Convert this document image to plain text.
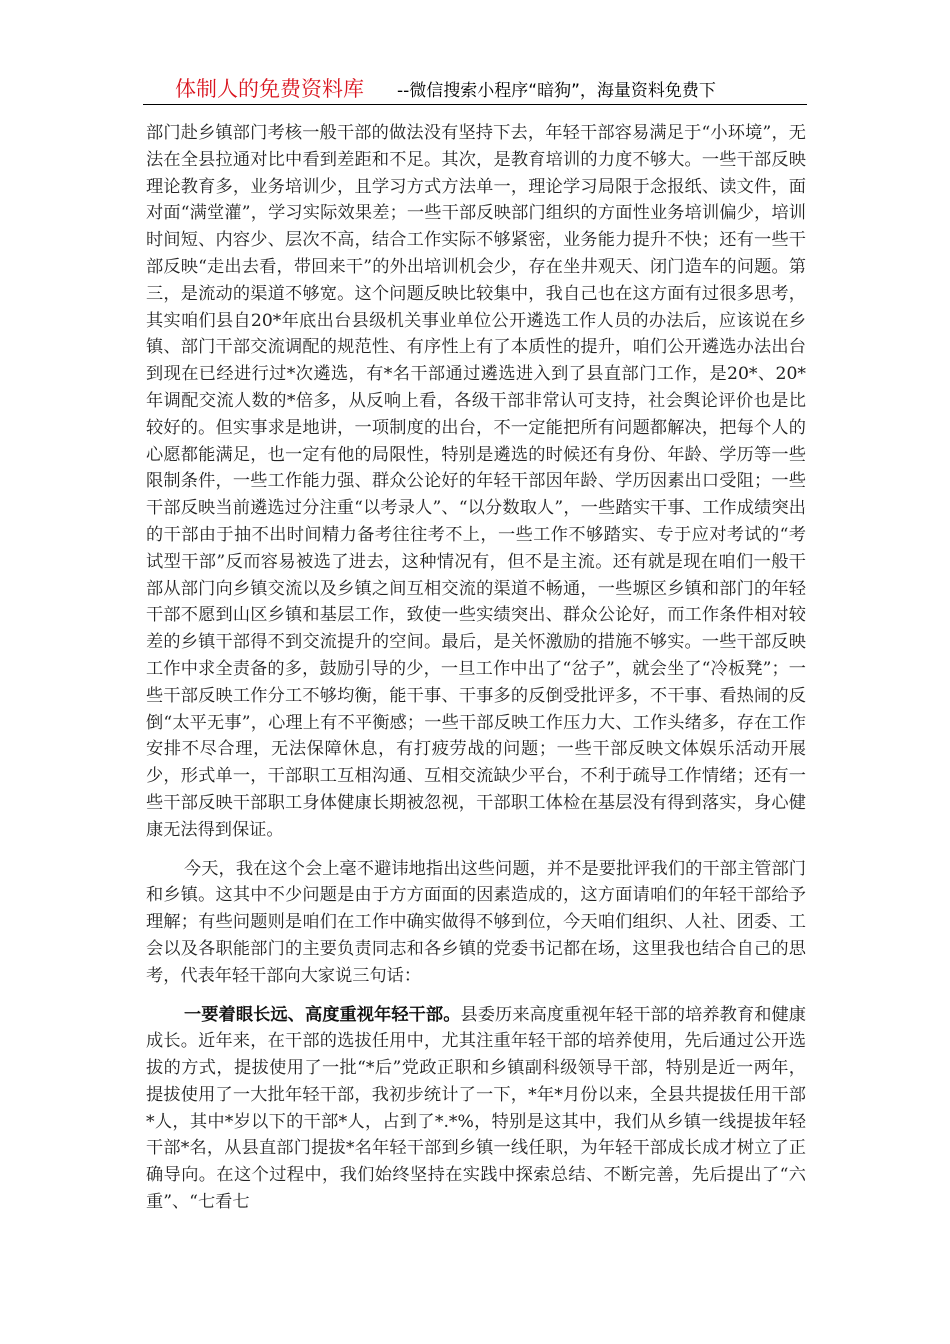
体制人的免费资料库 --微信搜索小程序“暗狗”，海量资料免费下

部门赴乡镇部门考核一般干部的做法没有坚持下去，年轻干部容易满足于“小环境”，无法在全县拉通对比中看到差距和不足。其次，是教育培训的力度不够大。一些干部反映理论教育多，业务培训少，且学习方式方法单一，理论学习局限于念报纸、读文件，面对面“满堂灌”，学习实际效果差；一些干部反映部门组织的方面性业务培训偏少，培训时间短、内容少、层次不高，结合工作实际不够紧密，业务能力提升不快；还有一些干部反映“走出去看，带回来干”的外出培训机会少，存在坐井观天、闭门造车的问题。第三，是流动的渠道不够宽。这个问题反映比较集中，我自己也在这方面有过很多思考，其实咱们县自20*年底出台县级机关事业单位公开遴选工作人员的办法后，应该说在乡镇、部门干部交流调配的规范性、有序性上有了本质性的提升，咱们公开遴选办法出台到现在已经进行过*次遴选，有*名干部通过遴选进入到了县直部门工作，是20*、20*年调配交流人数的*倍多，从反响上看，各级干部非常认可支持，社会舆论评价也是比较好的。但实事求是地讲，一项制度的出台，不一定能把所有问题都解决，把每个人的心愿都能满足，也一定有他的局限性，特别是遴选的时候还有身份、年龄、学历等一些限制条件，一些工作能力强、群众公论好的年轻干部因年龄、学历因素出口受阻；一些干部反映当前遴选过分注重“以考录人”、“以分数取人”，一些踏实干事、工作成绩突出的干部由于抽不出时间精力备考往往考不上，一些工作不够踏实、专于应对考试的“考试型干部”反而容易被选了进去，这种情况有，但不是主流。还有就是现在咱们一般干部从部门向乡镇交流以及乡镇之间互相交流的渠道不畅通，一些塬区乡镇和部门的年轻干部不愿到山区乡镇和基层工作，致使一些实绩突出、群众公论好，而工作条件相对较差的乡镇干部得不到交流提升的空间。最后，是关怀激励的措施不够实。一些干部反映工作中求全责备的多，鼓励引导的少，一旦工作中出了“岔子”，就会坐了“冷板凳”；一些干部反映工作分工不够均衡，能干事、干事多的反倒受批评多，不干事、看热闹的反倒“太平无事”，心理上有不平衡感；一些干部反映工作压力大、工作头绪多，存在工作安排不尽合理，无法保障休息，有打疲劳战的问题；一些干部反映文体娱乐活动开展少，形式单一，干部职工互相沟通、互相交流缺少平台，不利于疏导工作情绪；还有一些干部反映干部职工身体健康长期被忽视，干部职工体检在基层没有得到落实，身心健康无法得到保证。

今天，我在这个会上毫不避讳地指出这些问题，并不是要批评我们的干部主管部门和乡镇。这其中不少问题是由于方方面面的因素造成的，这方面请咱们的年轻干部给予理解；有些问题则是咱们在工作中确实做得不够到位，今天咱们组织、人社、团委、工会以及各职能部门的主要负责同志和各乡镇的党委书记都在场，这里我也结合自己的思考，代表年轻干部向大家说三句话：

一要着眼长远、高度重视年轻干部。县委历来高度重视年轻干部的培养教育和健康成长。近年来，在干部的选拔任用中，尤其注重年轻干部的培养使用，先后通过公开选拔的方式，提拔使用了一批“*后”党政正职和乡镇副科级领导干部，特别是近一两年，提拔使用了一大批年轻干部，我初步统计了一下，*年*月份以来，全县共提拔任用干部*人，其中*岁以下的干部*人，占到了*.*%，特别是这其中，我们从乡镇一线提拔年轻干部*名，从县直部门提拔*名年轻干部到乡镇一线任职，为年轻干部成长成才树立了正确导向。在这个过程中，我们始终坚持在实践中探索总结、不断完善，先后提出了“六重”、“七看七
